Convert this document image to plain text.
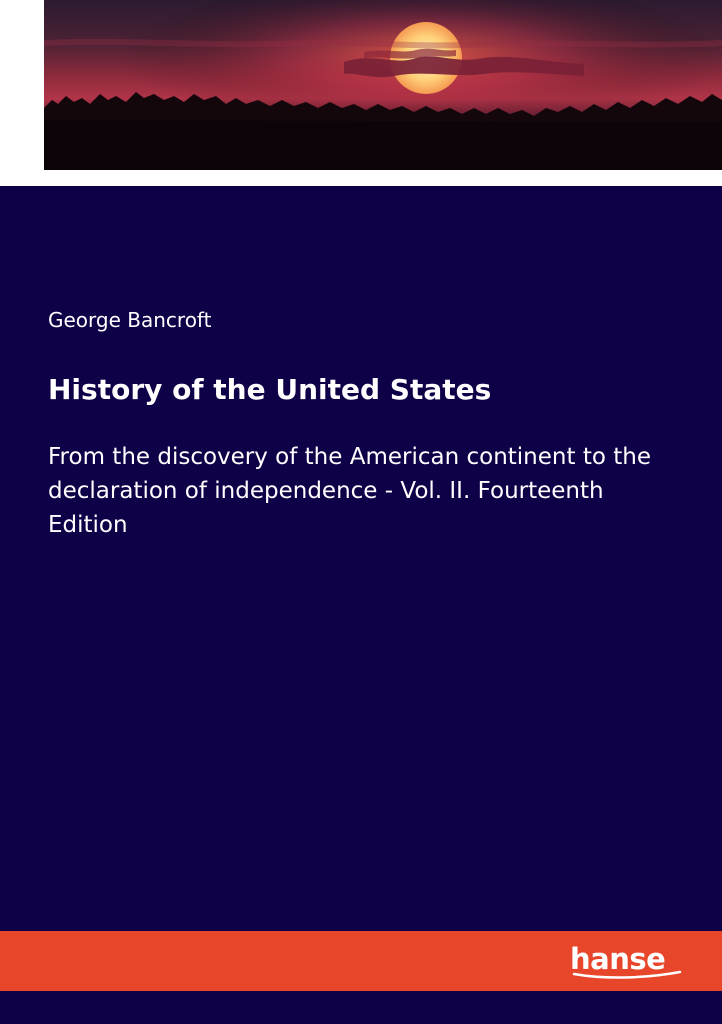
George Bancroft

History of the United States

From the discovery of the American continent to the declaration of independence - Vol. II. Fourteenth Edition

hanse
